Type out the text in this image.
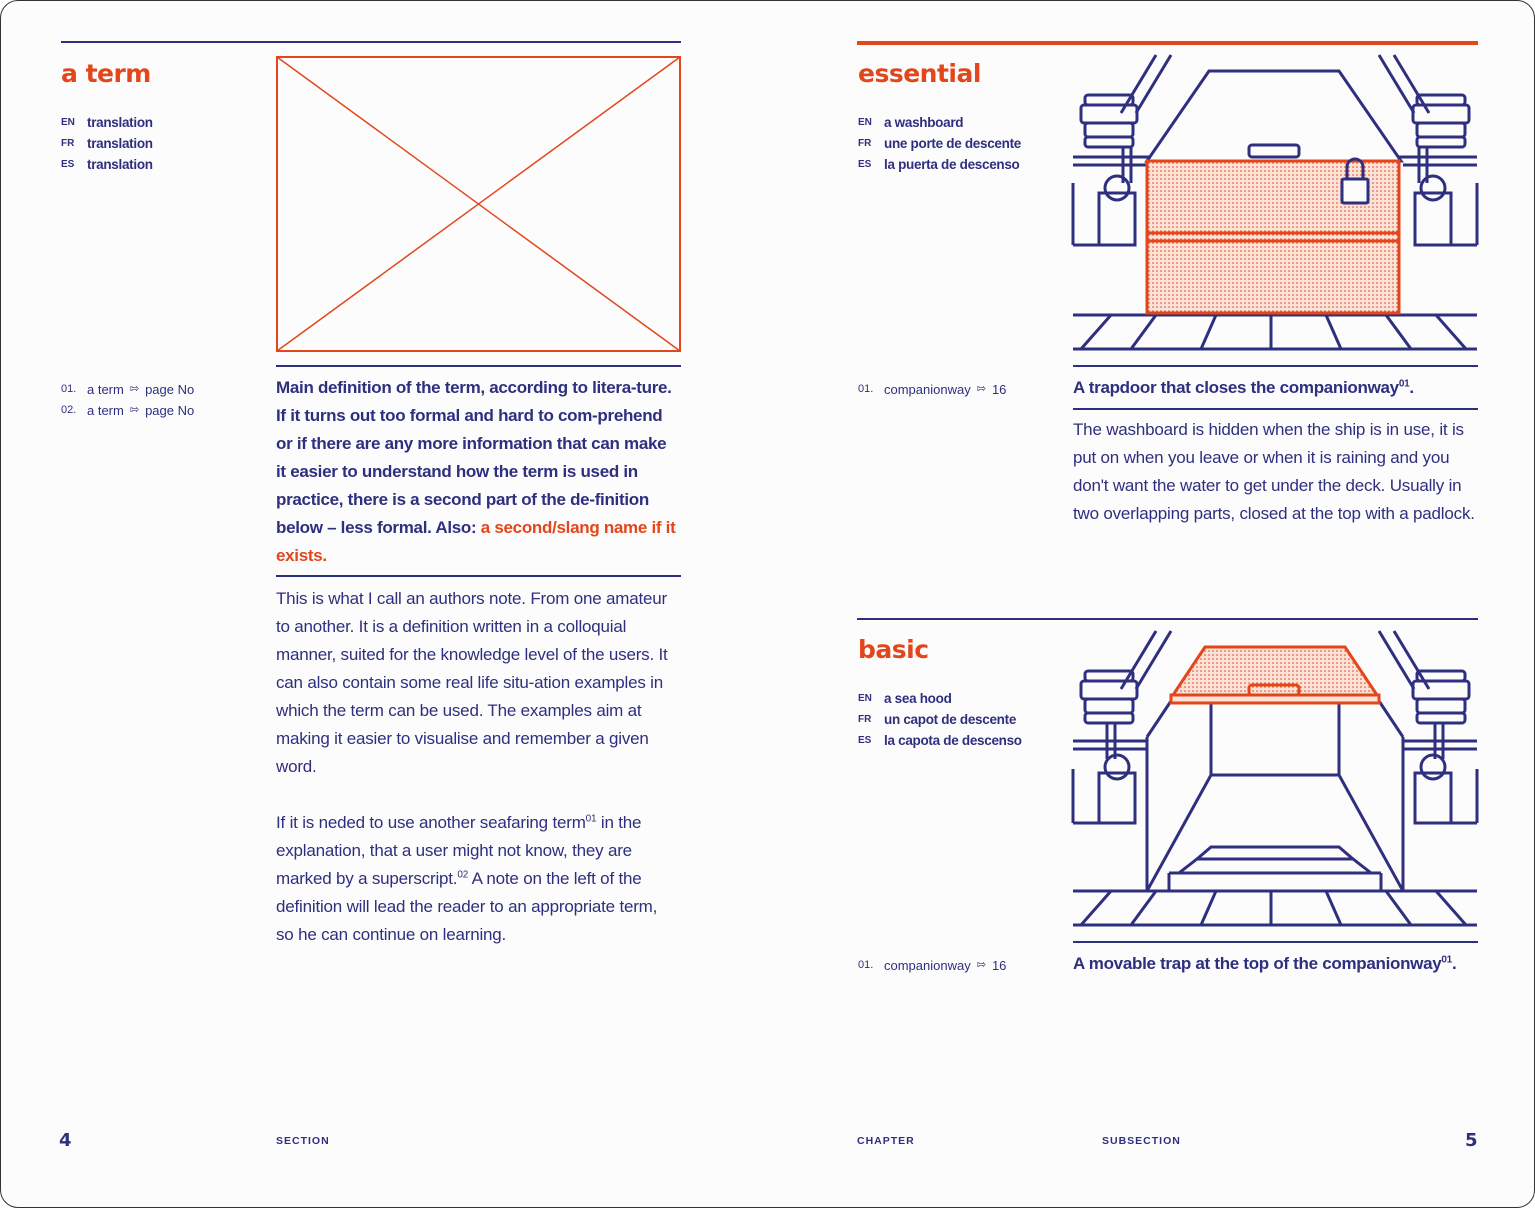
a term
EN translation
FR translation
ES translation
01. a term ⇰ page No
02. a term ⇰ page No
Main definition of the term, according to litera-ture. If it turns out too formal and hard to com-prehend or if there are any more information that can make it easier to understand how the term is used in practice, there is a second part of the de-finition below – less formal. Also: a second/slang name if it exists.
This is what I call an authors note. From one amateur to another. It is a definition written in a colloquial manner, suited for the knowledge level of the users. It can also contain some real life situ-ation examples in which the term can be used. The examples aim at making it easier to visualise and remember a given word.
If it is neded to use another seafaring term$^{01}$ in the explanation, that a user might not know, they are marked by a superscript.$^{02}$ A note on the left of the definition will lead the reader to an appropriate term, so he can continue on learning.
4	SECTION
essential
EN a washboard
FR une porte de descente
ES la puerta de descenso
01. companionway ⇰ 16	A trapdoor that closes the companionway$^{01}$.
The washboard is hidden when the ship is in use, it is put on when you leave or when it is raining and you don't want the water to get under the deck. Usually in two overlapping parts, closed at the top with a padlock.
basic
EN a sea hood
FR un capot de descente
ES la capota de descenso
01. companionway ⇰ 16	A movable trap at the top of the companionway$^{01}$.
CHAPTER	SUBSECTION	5
